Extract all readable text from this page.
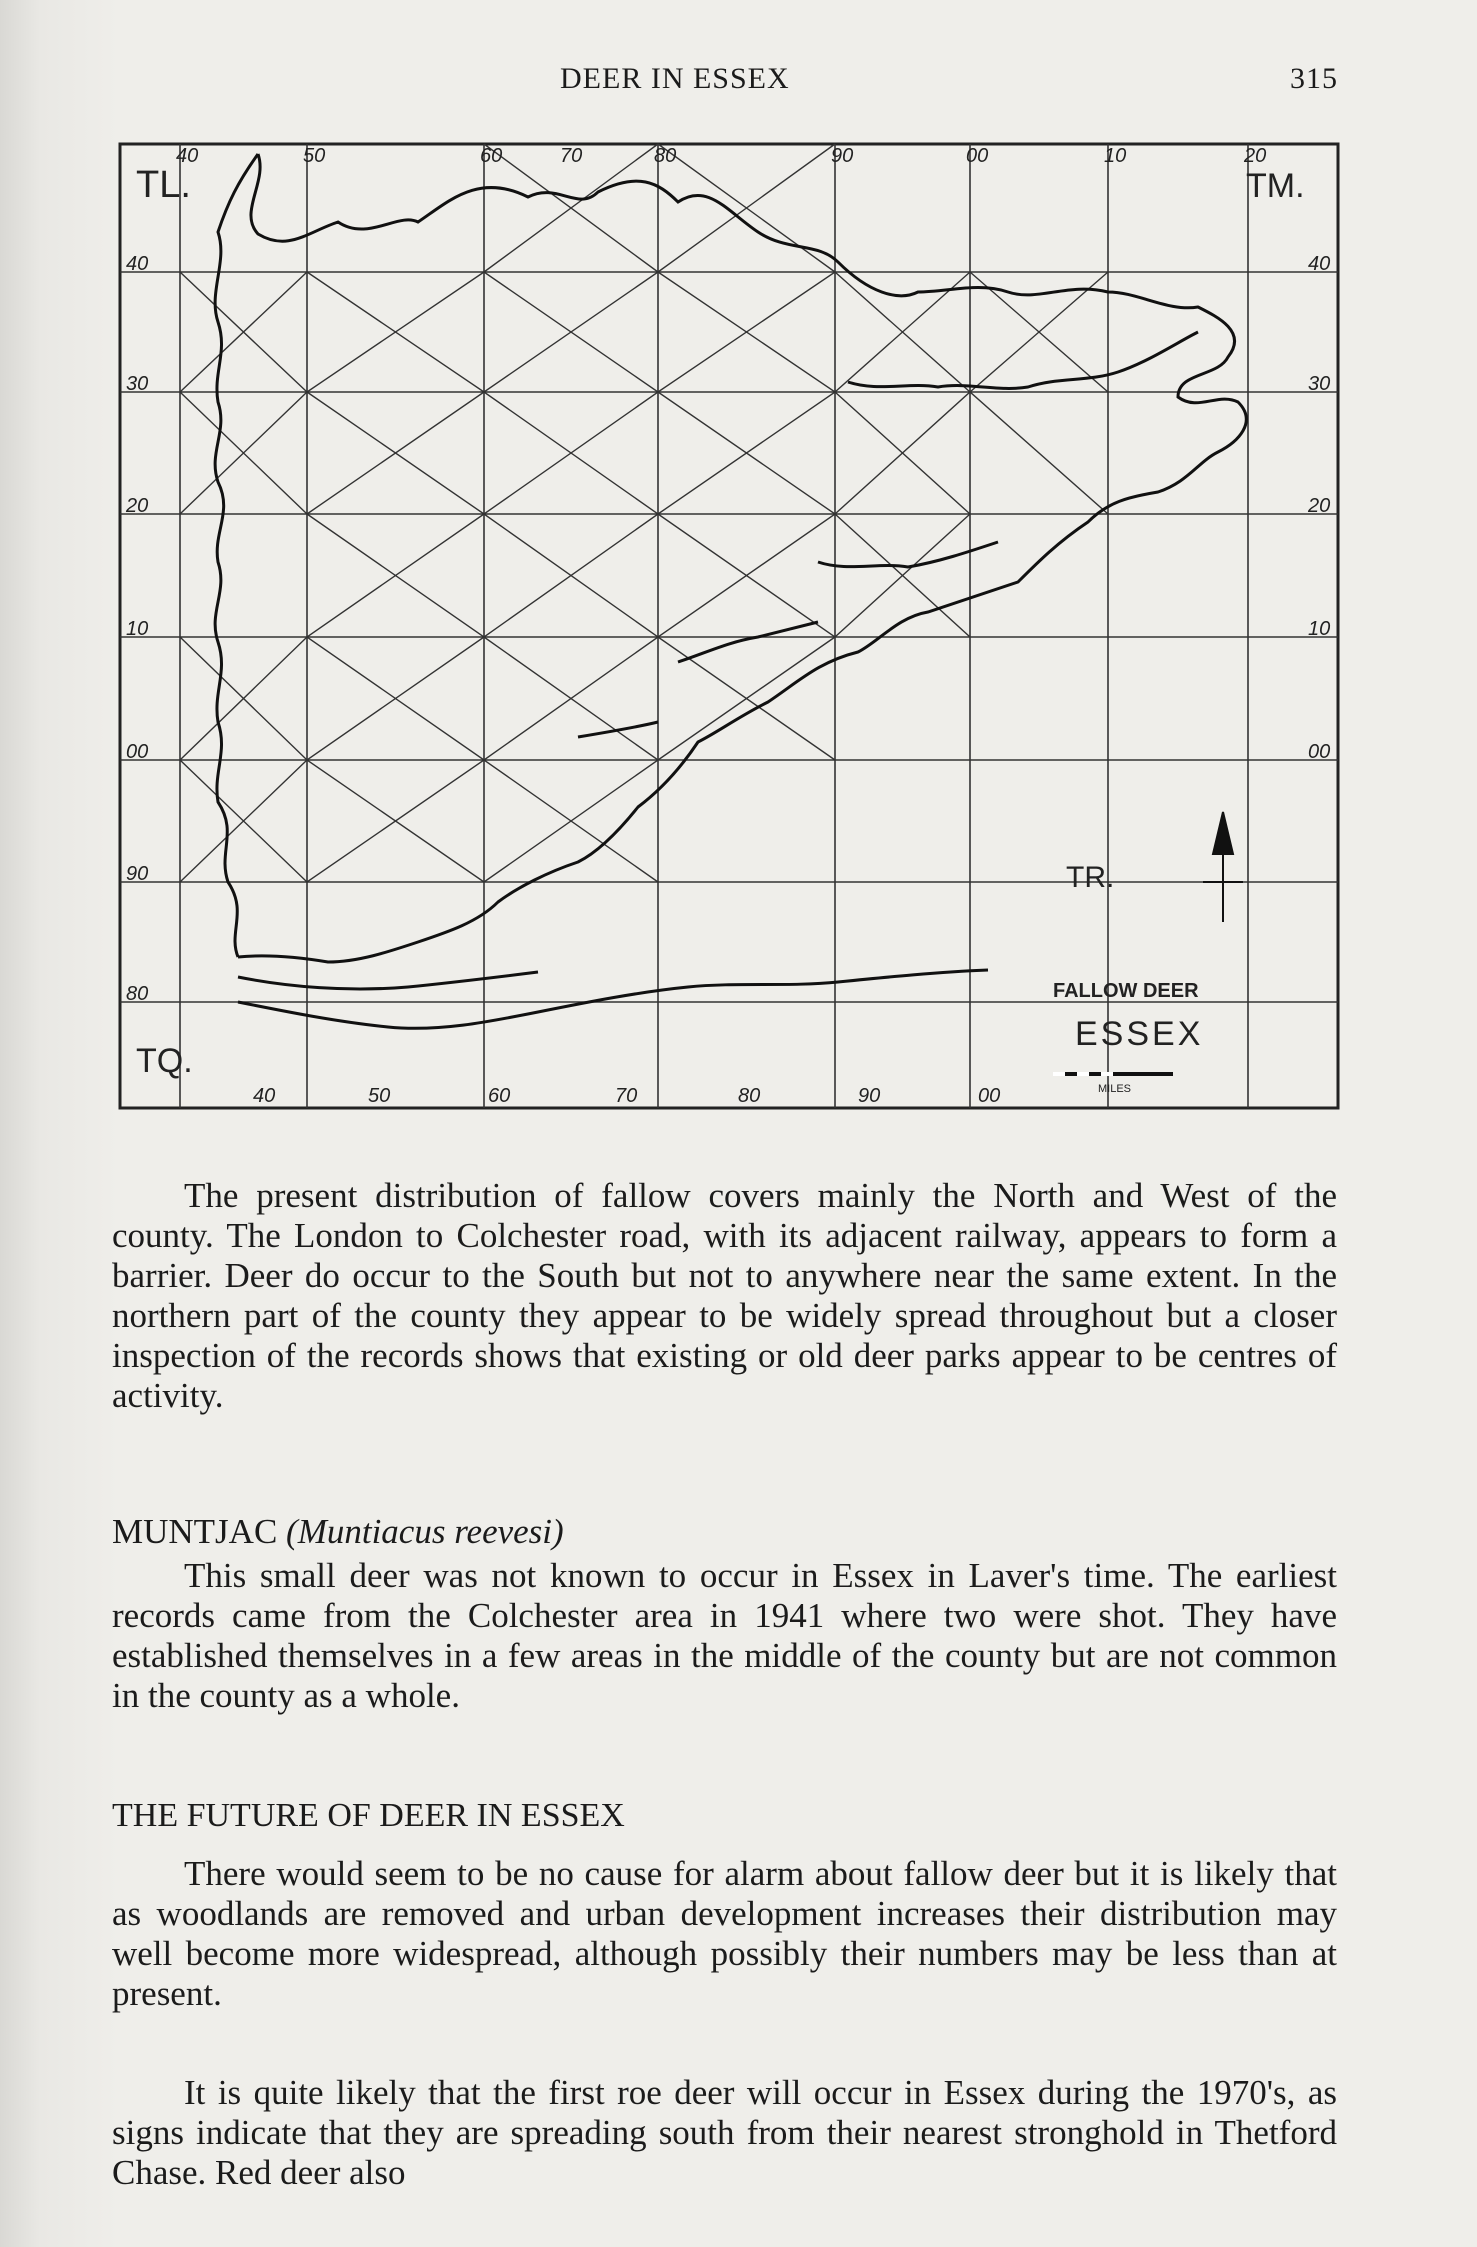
DEER IN ESSEX	315
TL.	TM.
TQ.
TR.
40	50	60	70	80	90	00	10	20
40	50	60	70	80	90	00
40
30
20
10
00
90
80
40
30
20
10
00
FALLOW DEER
ESSEX
MILES

The present distribution of fallow covers mainly the North and West of the county. The London to Colchester road, with its adjacent railway, appears to form a barrier. Deer do occur to the South but not to anywhere near the same extent. In the northern part of the county they appear to be widely spread throughout but a closer inspection of the records shows that existing or old deer parks appear to be centres of activity.

MUNTJAC (Muntiacus reevesi)

This small deer was not known to occur in Essex in Laver's time. The earliest records came from the Colchester area in 1941 where two were shot. They have established themselves in a few areas in the middle of the county but are not common in the county as a whole.

THE FUTURE OF DEER IN ESSEX

There would seem to be no cause for alarm about fallow deer but it is likely that as woodlands are removed and urban development increases their distribution may well become more widespread, although possibly their numbers may be less than at present.

It is quite likely that the first roe deer will occur in Essex during the 1970's, as signs indicate that they are spreading south from their nearest stronghold in Thetford Chase. Red deer also
